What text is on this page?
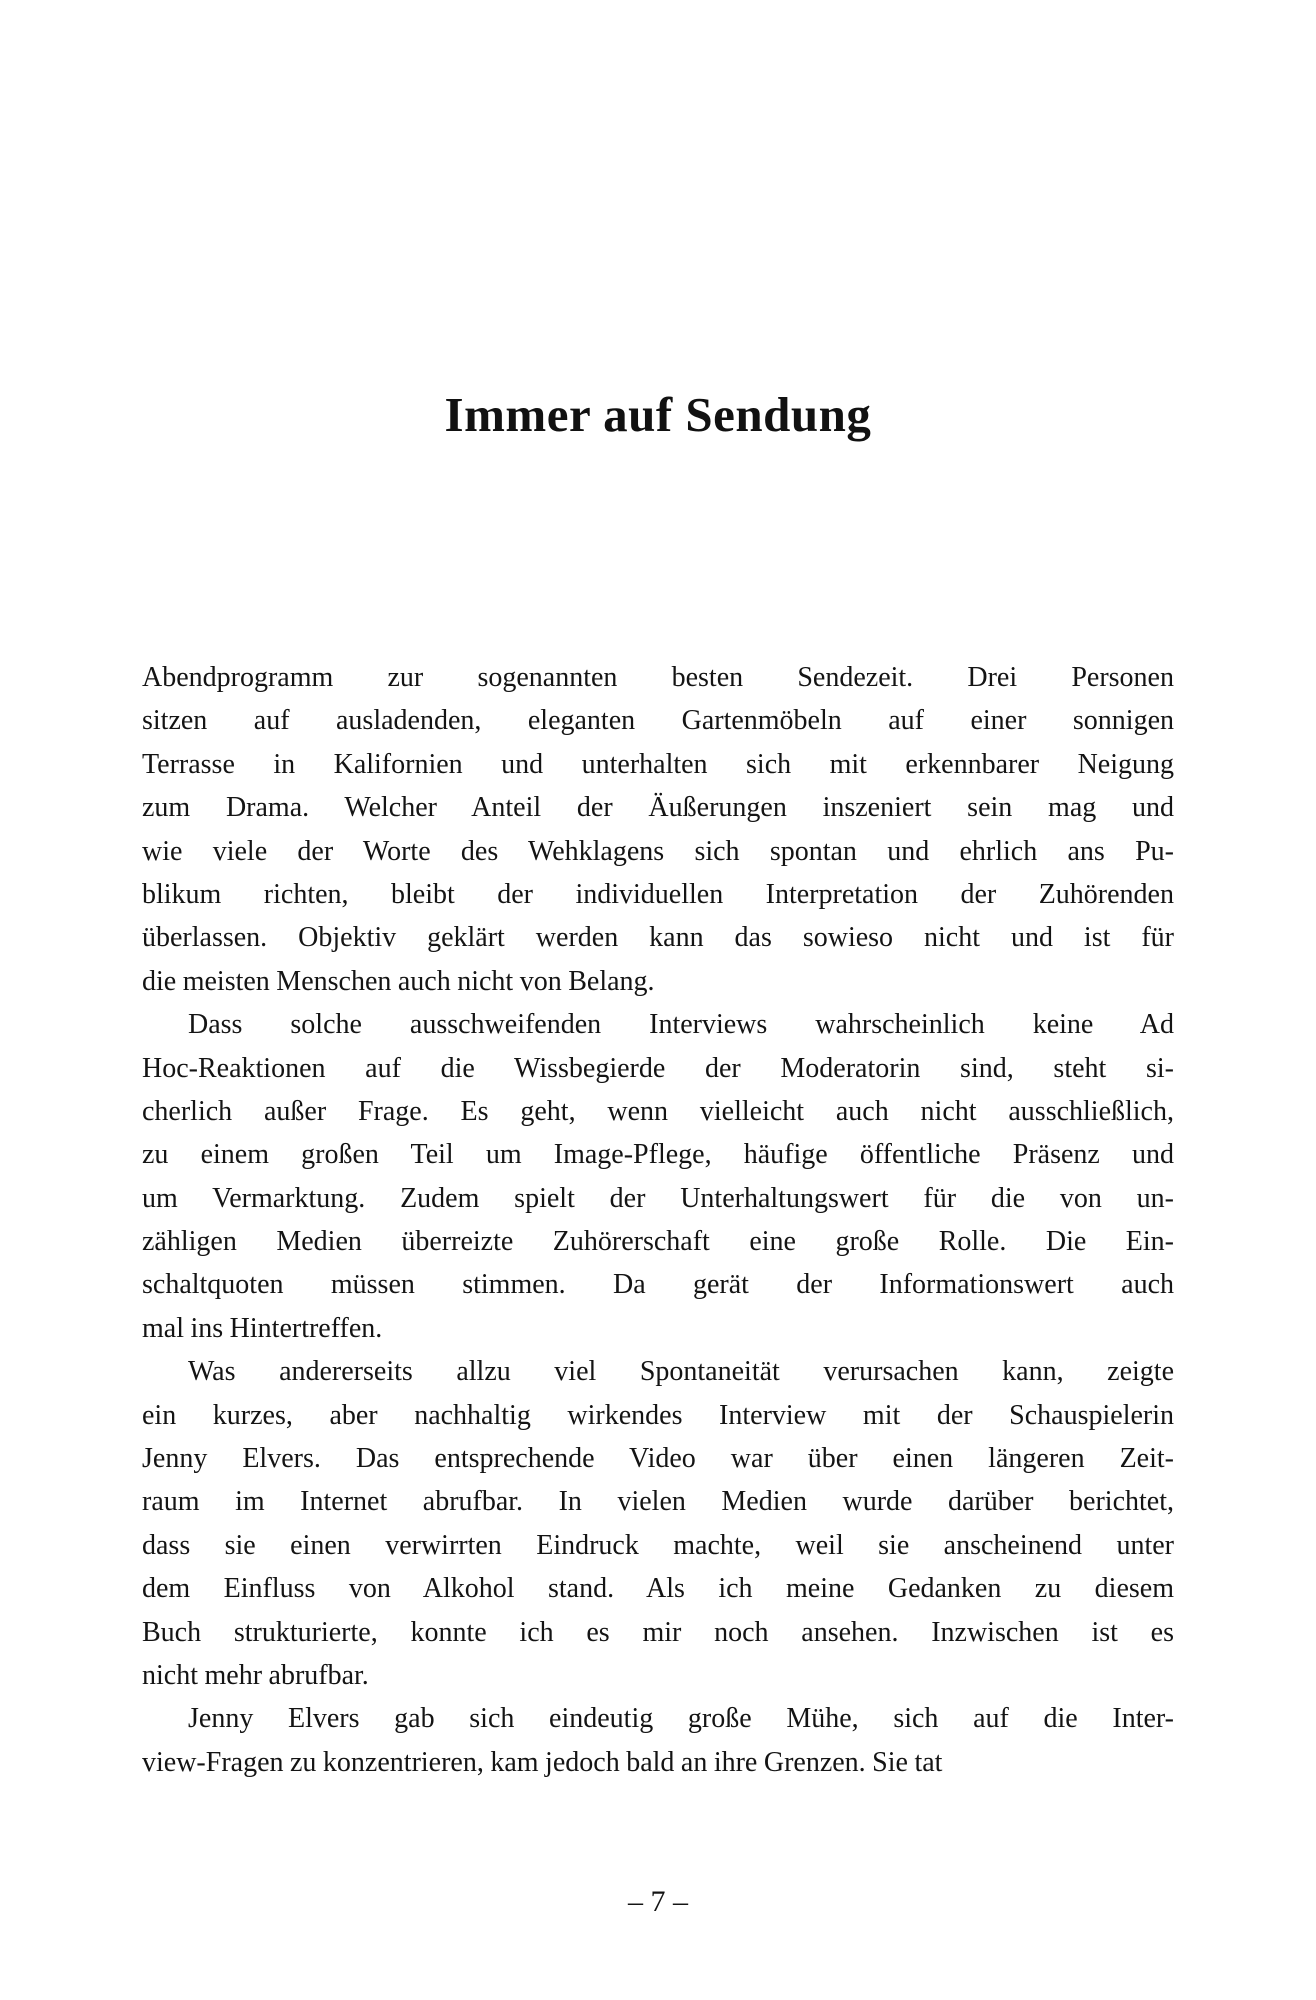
Immer auf Sendung
Abendprogramm zur sogenannten besten Sendezeit. Drei Personen
sitzen auf ausladenden, eleganten Gartenmöbeln auf einer sonnigen
Terrasse in Kalifornien und unterhalten sich mit erkennbarer Neigung
zum Drama. Welcher Anteil der Äußerungen inszeniert sein mag und
wie viele der Worte des Wehklagens sich spontan und ehrlich ans Pu-
blikum richten, bleibt der individuellen Interpretation der Zuhörenden
überlassen. Objektiv geklärt werden kann das sowieso nicht und ist für
die meisten Menschen auch nicht von Belang.
Dass solche ausschweifenden Interviews wahrscheinlich keine Ad
Hoc-Reaktionen auf die Wissbegierde der Moderatorin sind, steht si-
cherlich außer Frage. Es geht, wenn vielleicht auch nicht ausschließlich,
zu einem großen Teil um Image-Pflege, häufige öffentliche Präsenz und
um Vermarktung. Zudem spielt der Unterhaltungswert für die von un-
zähligen Medien überreizte Zuhörerschaft eine große Rolle. Die Ein-
schaltquoten müssen stimmen. Da gerät der Informationswert auch
mal ins Hintertreffen.
Was andererseits allzu viel Spontaneität verursachen kann, zeigte
ein kurzes, aber nachhaltig wirkendes Interview mit der Schauspielerin
Jenny Elvers. Das entsprechende Video war über einen längeren Zeit-
raum im Internet abrufbar. In vielen Medien wurde darüber berichtet,
dass sie einen verwirrten Eindruck machte, weil sie anscheinend unter
dem Einfluss von Alkohol stand. Als ich meine Gedanken zu diesem
Buch strukturierte, konnte ich es mir noch ansehen. Inzwischen ist es
nicht mehr abrufbar.
Jenny Elvers gab sich eindeutig große Mühe, sich auf die Inter-
view-Fragen zu konzentrieren, kam jedoch bald an ihre Grenzen. Sie tat
– 7 –
